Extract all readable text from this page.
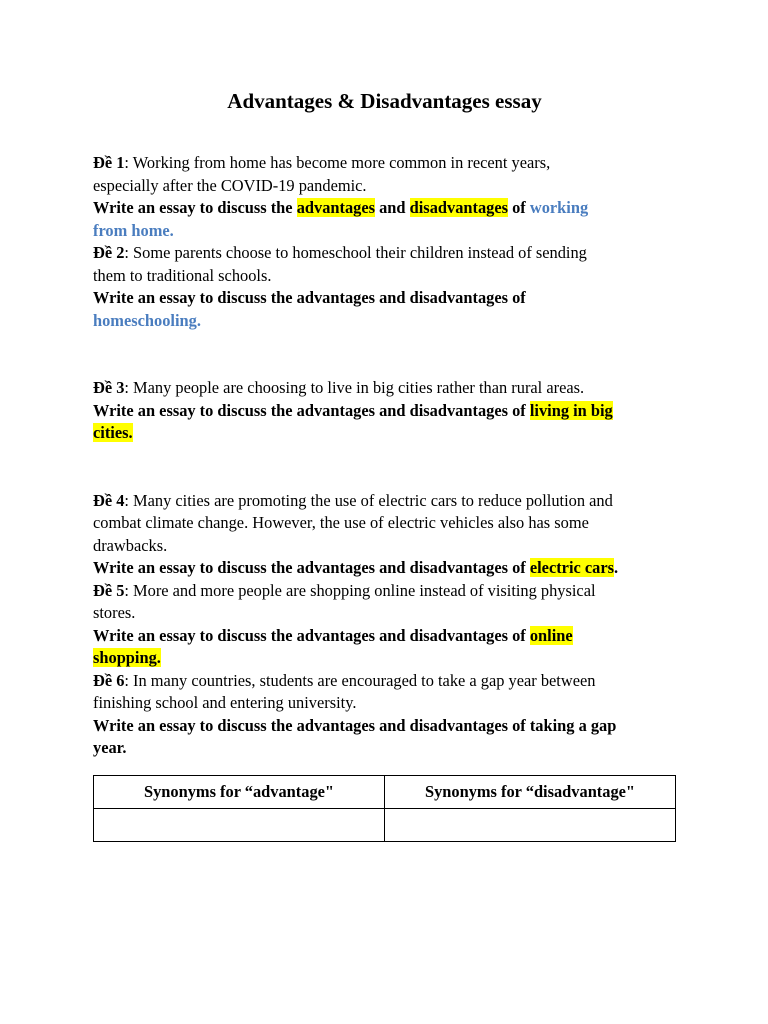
Advantages & Disadvantages essay
Đề 1: Working from home has become more common in recent years,
especially after the COVID-19 pandemic.
Write an essay to discuss the advantages and disadvantages of working
from home.
Đề 2: Some parents choose to homeschool their children instead of sending
them to traditional schools.
Write an essay to discuss the advantages and disadvantages of
homeschooling.
Đề 3: Many people are choosing to live in big cities rather than rural areas.
Write an essay to discuss the advantages and disadvantages of living in big
cities.
Đề 4: Many cities are promoting the use of electric cars to reduce pollution and
combat climate change. However, the use of electric vehicles also has some
drawbacks.
Write an essay to discuss the advantages and disadvantages of electric cars.
Đề 5: More and more people are shopping online instead of visiting physical
stores.
Write an essay to discuss the advantages and disadvantages of online
shopping.
Đề 6: In many countries, students are encouraged to take a gap year between
finishing school and entering university.
Write an essay to discuss the advantages and disadvantages of taking a gap
year.
Synonyms for “advantage"	Synonyms for “disadvantage"
